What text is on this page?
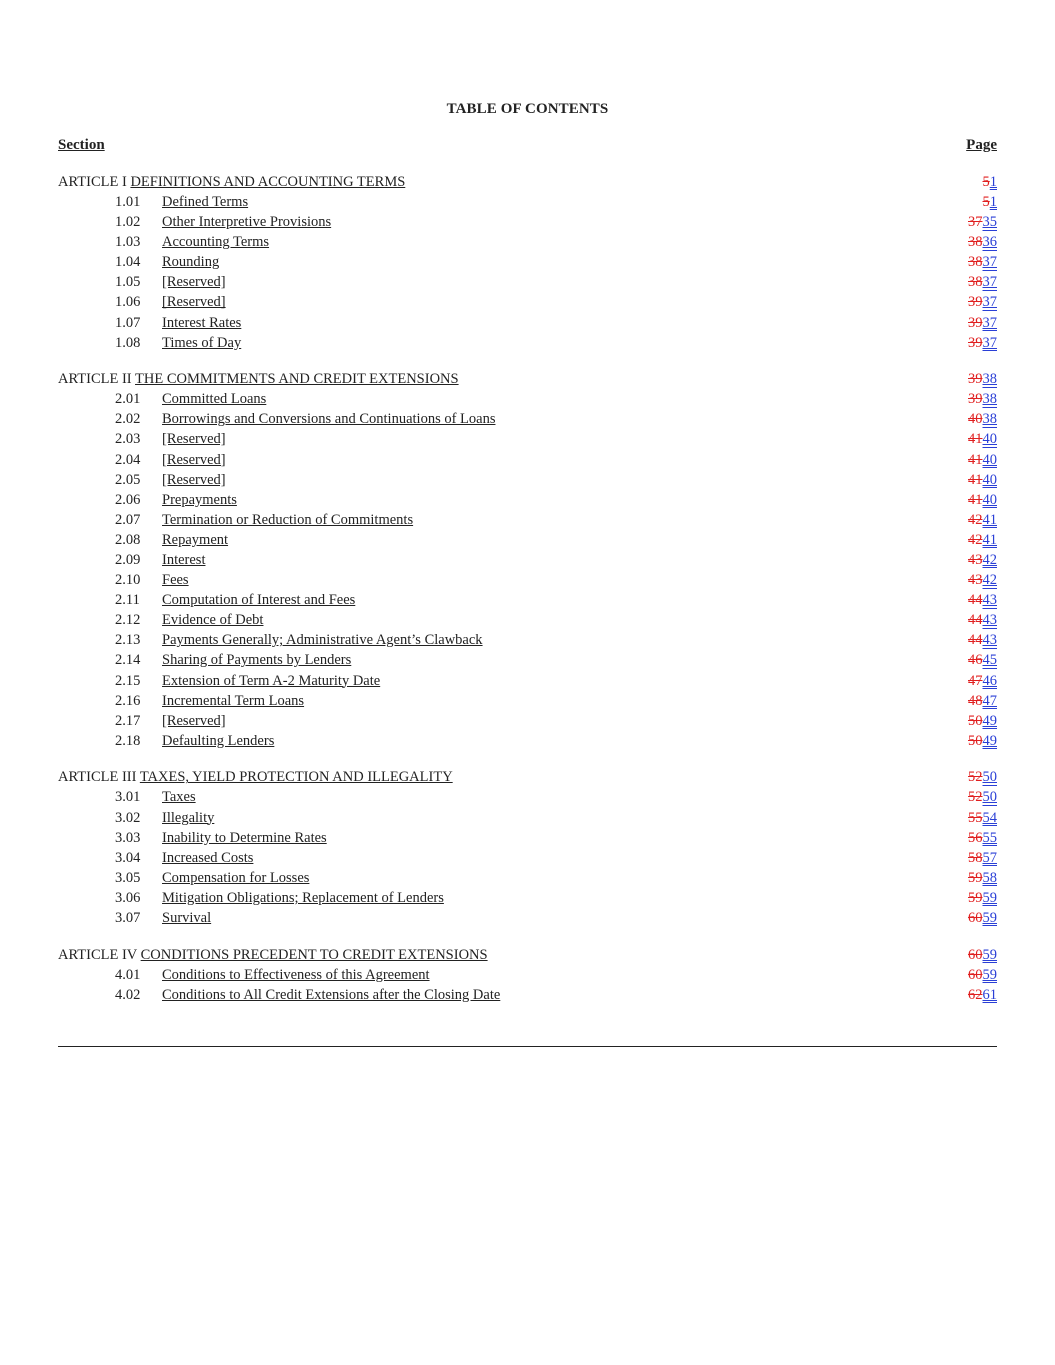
TABLE OF CONTENTS
Section	Page
ARTICLE I DEFINITIONS AND ACCOUNTING TERMS	51
1.01 Defined Terms	51
1.02 Other Interpretive Provisions	3735
1.03 Accounting Terms	3836
1.04 Rounding	3837
1.05 [Reserved]	3837
1.06 [Reserved]	3937
1.07 Interest Rates	3937
1.08 Times of Day	3937
ARTICLE II THE COMMITMENTS AND CREDIT EXTENSIONS	3938
2.01 Committed Loans	3938
2.02 Borrowings and Conversions and Continuations of Loans	4038
2.03 [Reserved]	4140
2.04 [Reserved]	4140
2.05 [Reserved]	4140
2.06 Prepayments	4140
2.07 Termination or Reduction of Commitments	4241
2.08 Repayment	4241
2.09 Interest	4342
2.10 Fees	4342
2.11 Computation of Interest and Fees	4443
2.12 Evidence of Debt	4443
2.13 Payments Generally; Administrative Agent’s Clawback	4443
2.14 Sharing of Payments by Lenders	4645
2.15 Extension of Term A-2 Maturity Date	4746
2.16 Incremental Term Loans	4847
2.17 [Reserved]	5049
2.18 Defaulting Lenders	5049
ARTICLE III TAXES, YIELD PROTECTION AND ILLEGALITY	5250
3.01 Taxes	5250
3.02 Illegality	5554
3.03 Inability to Determine Rates	5655
3.04 Increased Costs	5857
3.05 Compensation for Losses	5958
3.06 Mitigation Obligations; Replacement of Lenders	5959
3.07 Survival	6059
ARTICLE IV CONDITIONS PRECEDENT TO CREDIT EXTENSIONS	6059
4.01 Conditions to Effectiveness of this Agreement	6059
4.02 Conditions to All Credit Extensions after the Closing Date	6261
